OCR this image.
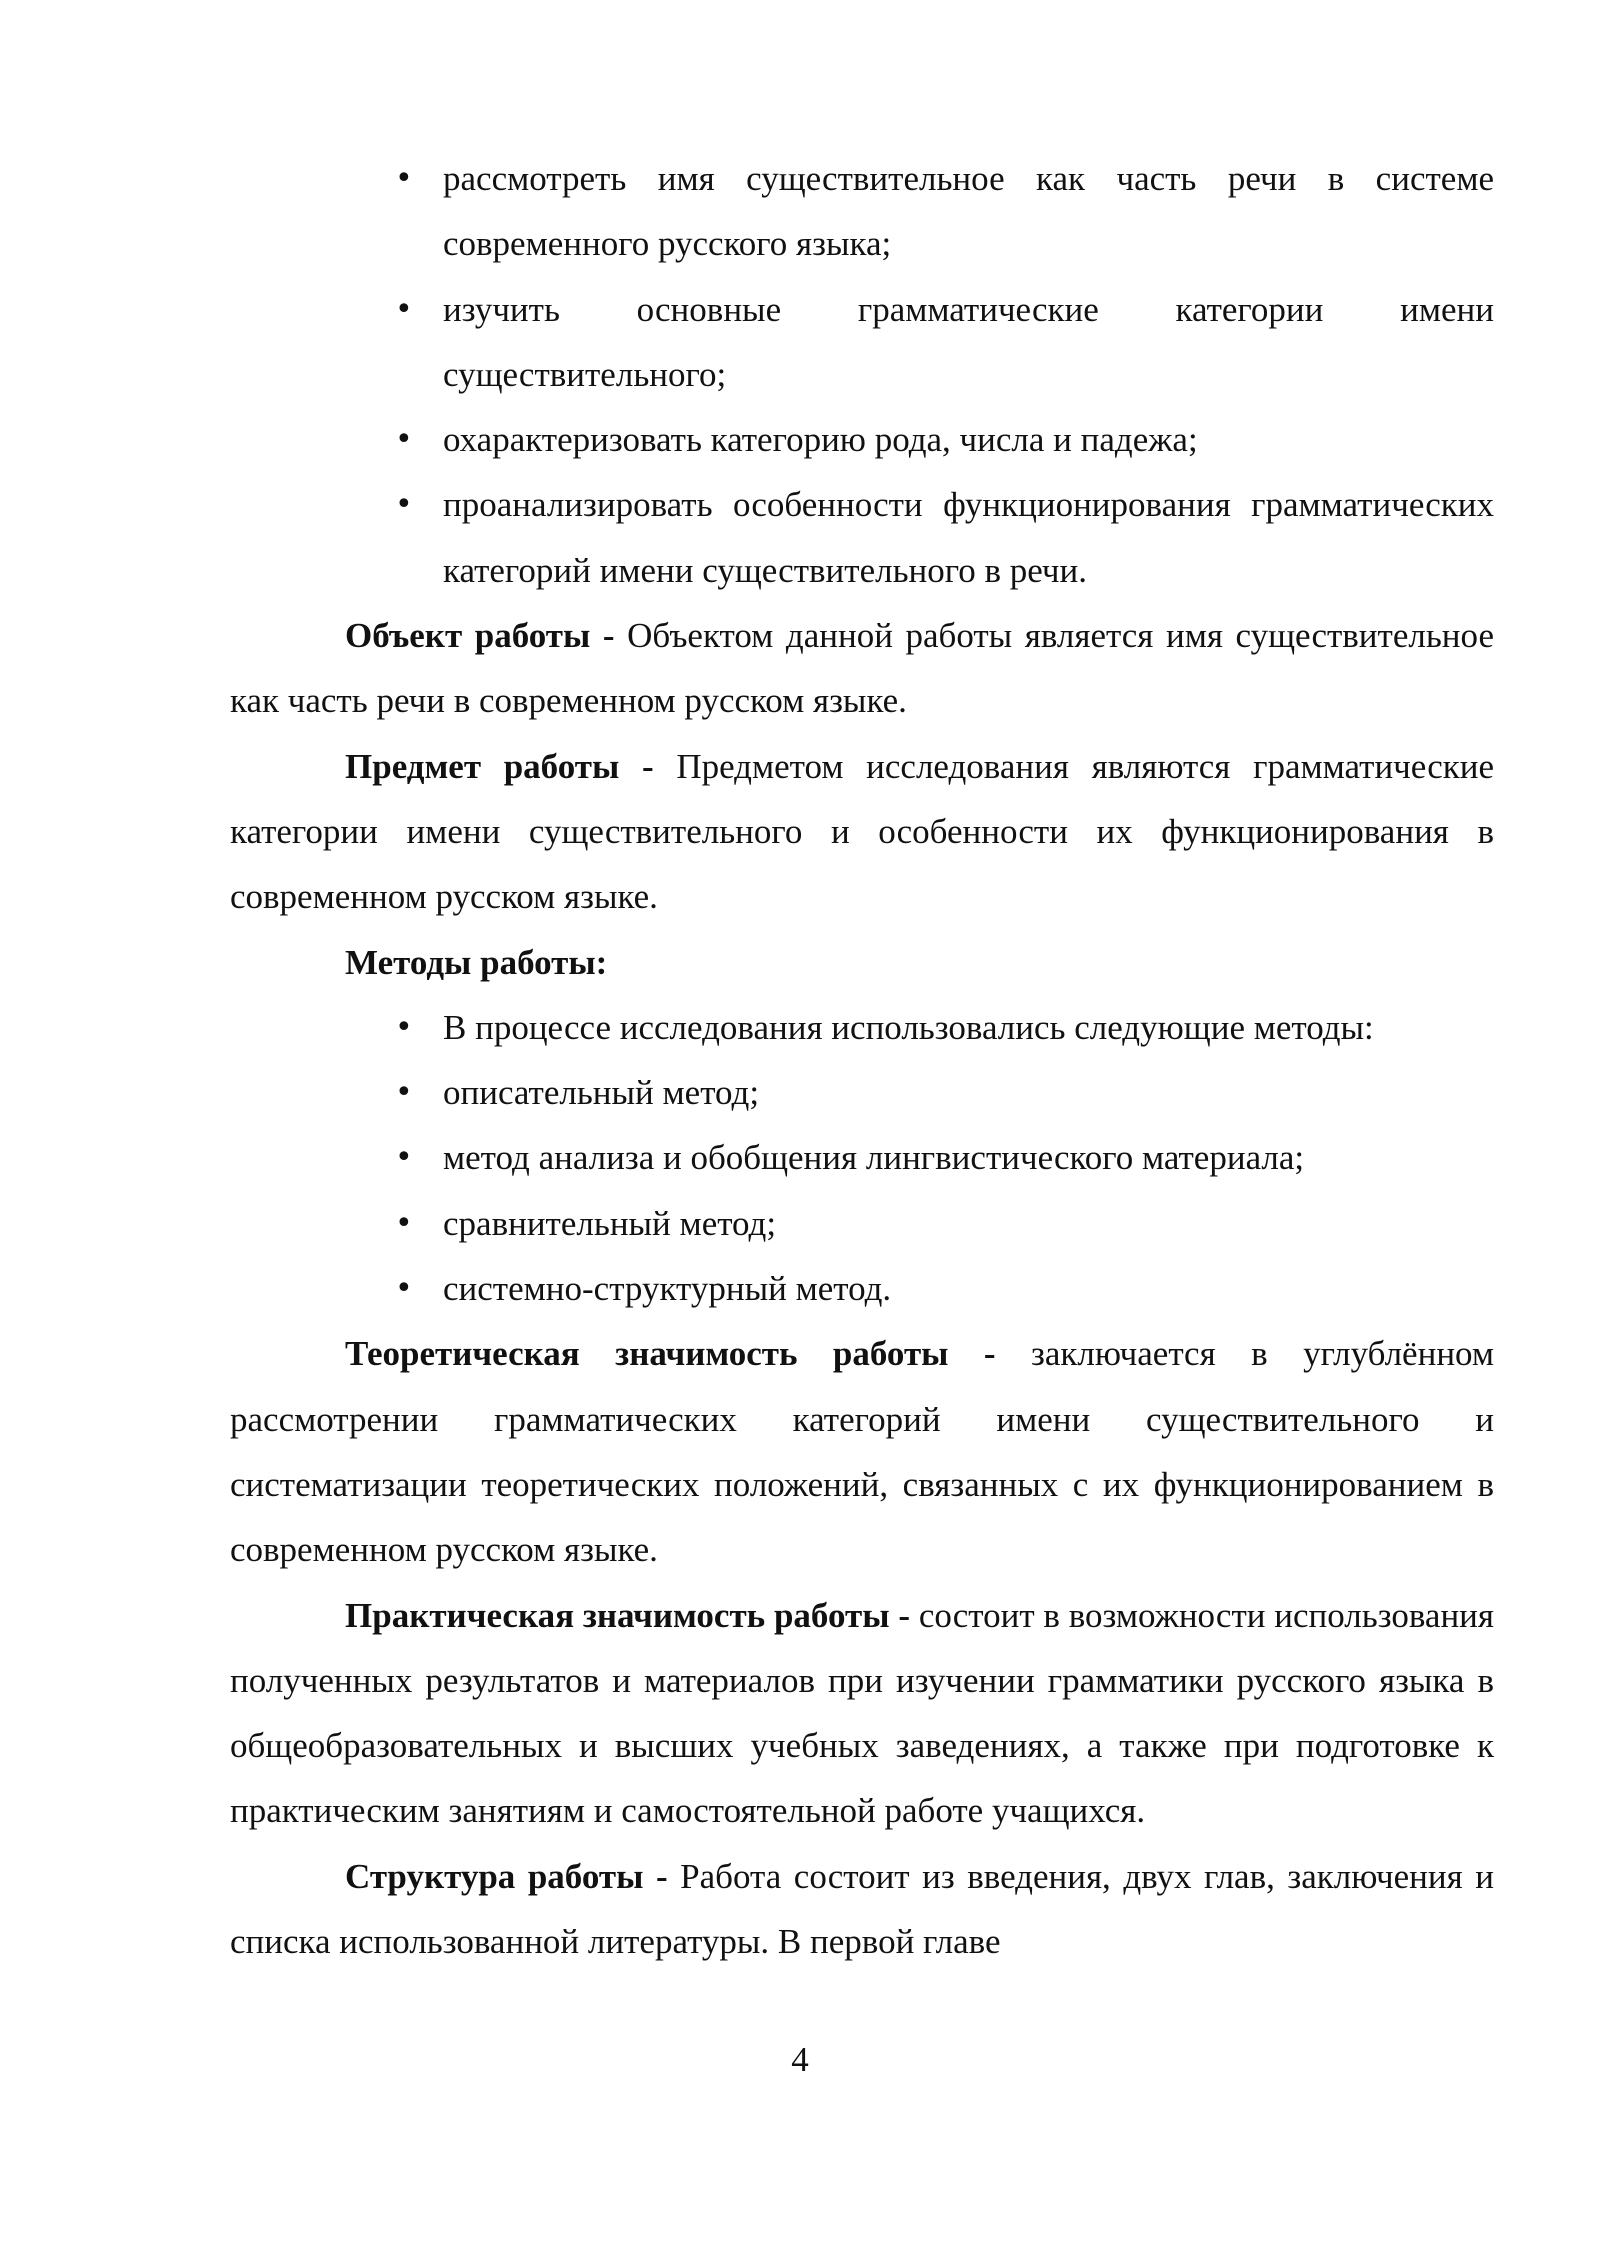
• рассмотреть имя существительное как часть речи в системе современного русского языка;
• изучить основные грамматические категории имени существительного;
• охарактеризовать категорию рода, числа и падежа;
• проанализировать особенности функционирования грамматических категорий имени существительного в речи.

Объект работы - Объектом данной работы является имя существительное как часть речи в современном русском языке.

Предмет работы - Предметом исследования являются грамматические категории имени существительного и особенности их функционирования в современном русском языке.

Методы работы:

• В процессе исследования использовались следующие методы:
• описательный метод;
• метод анализа и обобщения лингвистического материала;
• сравнительный метод;
• системно-структурный метод.

Теоретическая значимость работы - заключается в углублённом рассмотрении грамматических категорий имени существительного и систематизации теоретических положений, связанных с их функционированием в современном русском языке.

Практическая значимость работы - состоит в возможности использования полученных результатов и материалов при изучении грамматики русского языка в общеобразовательных и высших учебных заведениях, а также при подготовке к практическим занятиям и самостоятельной работе учащихся.

Структура работы - Работа состоит из введения, двух глав, заключения и списка использованной литературы. В первой главе

4
